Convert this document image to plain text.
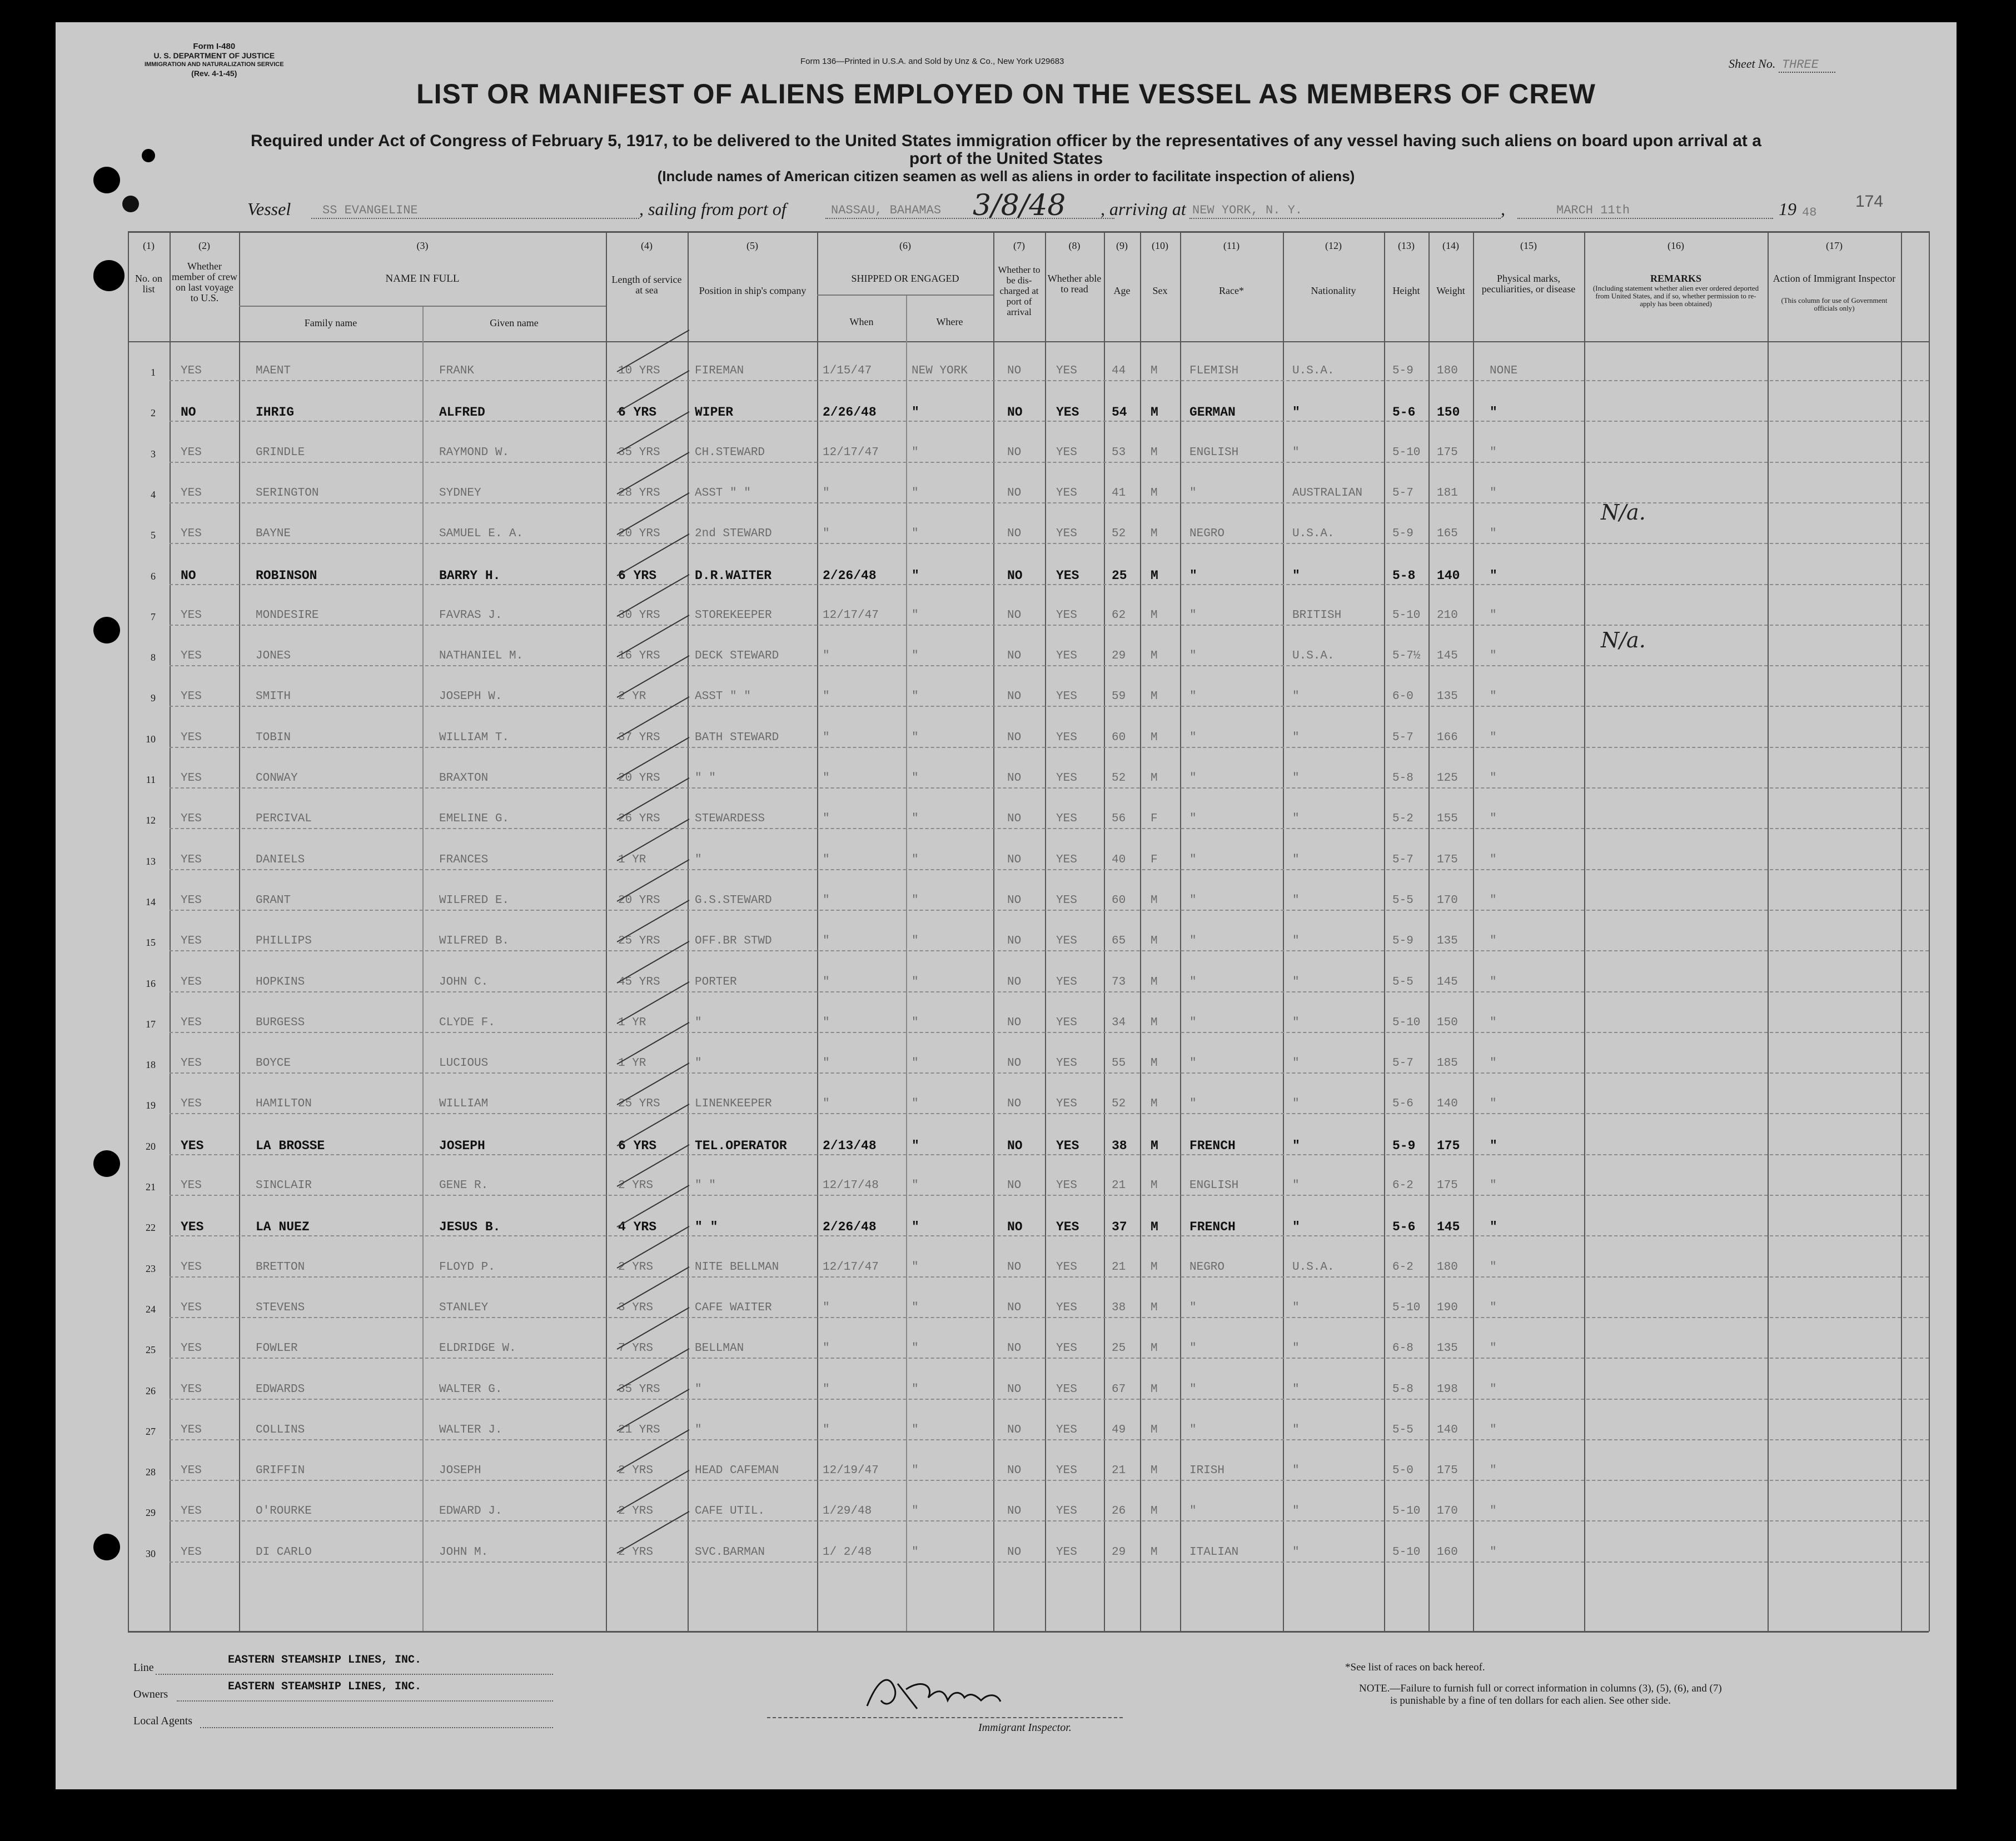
Form I-480
U. S. DEPARTMENT OF JUSTICE
IMMIGRATION AND NATURALIZATION SERVICE
(Rev. 4-1-45)
Form 136—Printed in U.S.A. and Sold by Unz & Co., New York U29683	Sheet No. THREE
LIST OR MANIFEST OF ALIENS EMPLOYED ON THE VESSEL AS MEMBERS OF CREW
Required under Act of Congress of February 5, 1917, to be delivered to the United States immigration officer by the representatives of any vessel having such aliens on board upon arrival at a
port of the United States
(Include names of American citizen seamen as well as aliens in order to facilitate inspection of aliens)
Vessel	SS EVANGELINE	, sailing from port of	NASSAU, BAHAMAS 3/8/48 , arriving at NEW YORK, N. Y.	,	MARCH 11th	19 48
174
(1)	(2)	(3)	(4)	(5)	(6)	(7)	(8)	(9)	(10)	(11)	(12)	(13)	(14)	(15)	(16)	(17)
No. on list
Whether member of crew on last voyage to U.S.
NAME IN FULL
Family name	Given name
Length of service at sea	Position in ship's company
SHIPPED OR ENGAGED
When	Where
Whether to be dis-charged at port of arrival
Whether able to read	Age	Sex	Race*	Nationality	Height	Weight
Physical marks, peculiarities, or disease
REMARKS
(Including statement whether alien ever ordered deported from United States, and if so, whether permission to re-apply has been obtained)
Action of Immigrant Inspector
(This column for use of Government officials only)
1 YES	MAENT	FRANK	10 YRS	FIREMAN	1/15/47	NEW YORK	NO	YES	44 M	FLEMISH	U.S.A.	5-9 180	NONE
2 NO	IHRIG	ALFRED	6 YRS	WIPER	2/26/48	"	NO	YES	54 M GERMAN	"	5-6 150 "
3 YES	GRINDLE	RAYMOND W.	35 YRS	CH.STEWARD	12/17/47	"	NO	YES	53 M	ENGLISH	"	5-10 175	"
4 YES	SERINGTON	SYDNEY	28 YRS	ASST " "	"	"	NO	YES	41 M	"	AUSTRALIAN	5-7 181	"
5 YES	BAYNE	SAMUEL E. A.	20 YRS	2nd STEWARD	"	"	NO	YES	52 M	NEGRO	U.S.A.	5-9 165	"
6 NO	ROBINSON	BARRY H.	6 YRS	D.R.WAITER	2/26/48	"	NO	YES	25 M "	"	5-8 140 "
7 YES	MONDESIRE	FAVRAS J.	30 YRS	STOREKEEPER	12/17/47	"	NO	YES	62 M	"	BRITISH	5-10 210	"
8 YES	JONES	NATHANIEL M.	16 YRS	DECK STEWARD	"	"	NO	YES	29 M	"	U.S.A.	5-7½ 145	"
9 YES	SMITH	JOSEPH W.	2 YR	ASST " "	"	"	NO	YES	59 M	"	"	6-0 135	"
10 YES	TOBIN	WILLIAM T.	37 YRS	BATH STEWARD	"	"	NO	YES	60 M	"	"	5-7 166	"
11 YES	CONWAY	BRAXTON	20 YRS	" "	"	"	NO	YES	52 M	"	"	5-8 125	"
12 YES	PERCIVAL	EMELINE G.	26 YRS	STEWARDESS	"	"	NO	YES	56 F	"	"	5-2 155	"
13 YES	DANIELS	FRANCES	1 YR	"	"	"	NO	YES	40 F	"	"	5-7 175	"
14 YES	GRANT	WILFRED E.	20 YRS	G.S.STEWARD	"	"	NO	YES	60 M	"	"	5-5 170	"
15 YES	PHILLIPS	WILFRED B.	25 YRS	OFF.BR STWD	"	"	NO	YES	65 M	"	"	5-9 135	"
16 YES	HOPKINS	JOHN C.	45 YRS	PORTER	"	"	NO	YES	73 M	"	"	5-5 145	"
17 YES	BURGESS	CLYDE F.	1 YR	"	"	"	NO	YES	34 M	"	"	5-10 150	"
18 YES	BOYCE	LUCIOUS	1 YR	"	"	"	NO	YES	55 M	"	"	5-7 185	"
19 YES	HAMILTON	WILLIAM	25 YRS	LINENKEEPER	"	"	NO	YES	52 M	"	"	5-6 140	"
20 YES	LA BROSSE	JOSEPH	6 YRS	TEL.OPERATOR	2/13/48	"	NO	YES	38 M FRENCH	"	5-9 175 "
21 YES	SINCLAIR	GENE R.	2 YRS	" "	12/17/48	"	NO	YES	21 M	ENGLISH	"	6-2 175	"
22 YES	LA NUEZ	JESUS B.	4 YRS	" "	2/26/48	"	NO	YES	37 M FRENCH	"	5-6 145 "
23 YES	BRETTON	FLOYD P.	2 YRS	NITE BELLMAN	12/17/47	"	NO	YES	21 M	NEGRO	U.S.A.	6-2 180	"
24 YES	STEVENS	STANLEY	3 YRS	CAFE WAITER	"	"	NO	YES	38 M	"	"	5-10 190	"
25 YES	FOWLER	ELDRIDGE W.	7 YRS	BELLMAN	"	"	NO	YES	25 M	"	"	6-8 135	"
26 YES	EDWARDS	WALTER G.	35 YRS	"	"	"	NO	YES	67 M	"	"	5-8 198	"
27 YES	COLLINS	WALTER J.	21 YRS	"	"	"	NO	YES	49 M	"	"	5-5 140	"
28 YES	GRIFFIN	JOSEPH	2 YRS	HEAD CAFEMAN	12/19/47	"	NO	YES	21 M	IRISH	"	5-0 175	"
29 YES	O'ROURKE	EDWARD J.	2 YRS	CAFE UTIL.	1/29/48	"	NO	YES	26 M	"	"	5-10 170	"
30 YES	DI CARLO	JOHN M.	2 YRS	SVC.BARMAN	1/ 2/48	"	NO	YES	29 M	ITALIAN	"	5-10 160	"
N/a.
N/a.
Line
EASTERN STEAMSHIP LINES, INC.
Owners
EASTERN STEAMSHIP LINES, INC.
Local Agents
Immigrant Inspector.
*See list of races on back hereof.
NOTE.—Failure to furnish full or correct information in columns (3), (5), (6), and (7)
is punishable by a fine of ten dollars for each alien. See other side.
